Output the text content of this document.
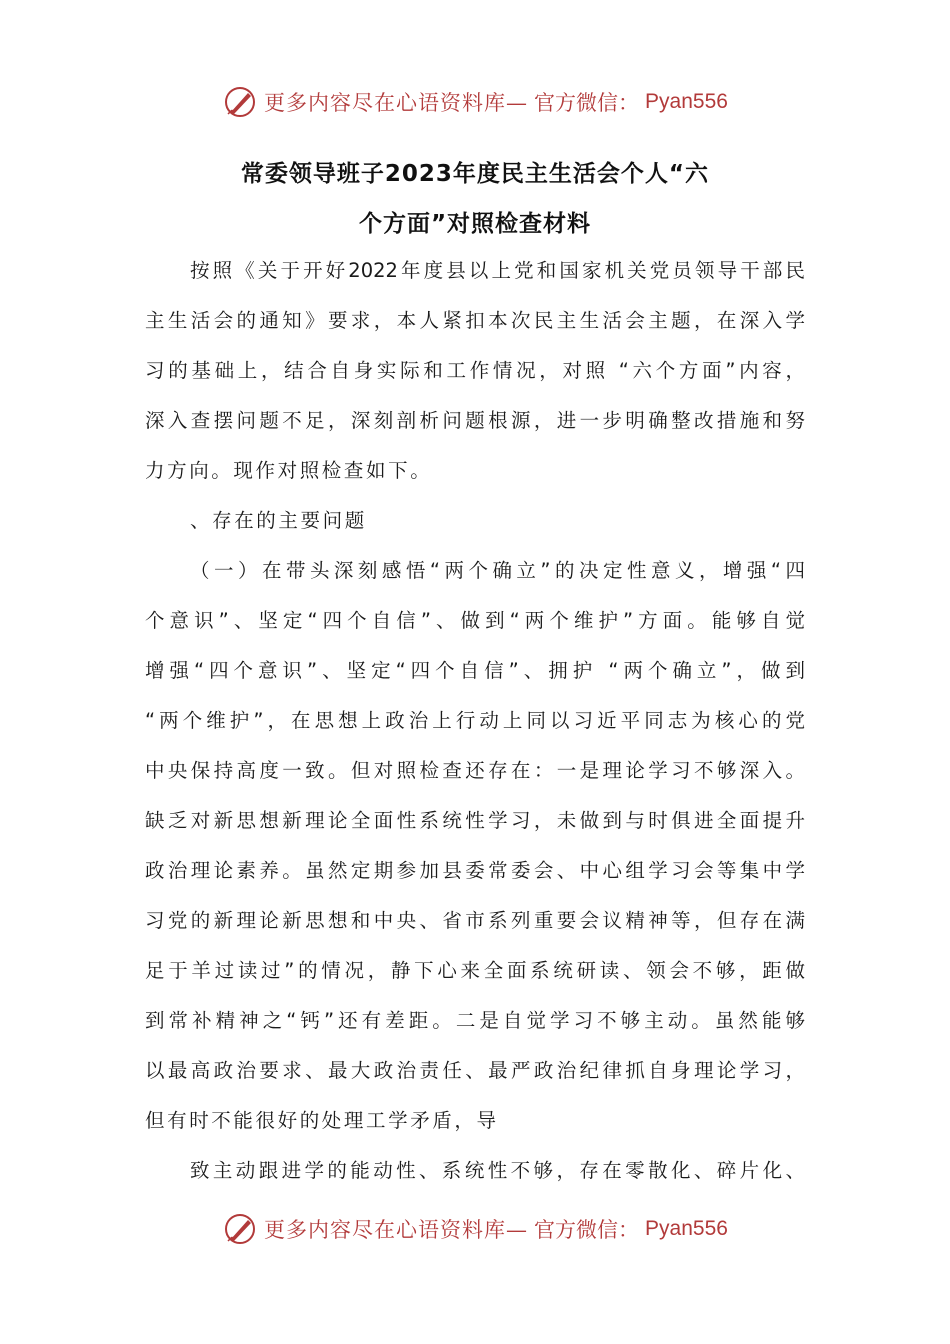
更多内容尽在心语资料库— 官方微信： Pyan556
常委领导班子2023年度民主生活会个人“六
个方面”对照检查材料
按照《关于开好2022年度县以上党和国家机关党员领导干部民
主生活会的通知》要求，本人紧扣本次民主生活会主题，在深入学
习的基础上，结合自身实际和工作情况，对照 “六个方面”内容，
深入查摆问题不足，深刻剖析问题根源，进一步明确整改措施和努
力方向。现作对照检查如下。
、存在的主要问题
（一）在带头深刻感悟“两个确立”的决定性意义，增强“四
个意识”、坚定“四个自信”、做到“两个维护”方面。能够自觉
增强“四个意识”、坚定“四个自信”、拥护 “两个确立”，做到
“两个维护”，在思想上政治上行动上同以习近平同志为核心的党
中央保持高度一致。但对照检查还存在：一是理论学习不够深入。
缺乏对新思想新理论全面性系统性学习，未做到与时俱进全面提升
政治理论素养。虽然定期参加县委常委会、中心组学习会等集中学
习党的新理论新思想和中央、省市系列重要会议精神等，但存在满
足于羊过读过”的情况，静下心来全面系统研读、领会不够，距做
到常补精神之“钙”还有差距。二是自觉学习不够主动。虽然能够
以最高政治要求、最大政治责任、最严政治纪律抓自身理论学习，
但有时不能很好的处理工学矛盾，导
致主动跟进学的能动性、系统性不够，存在零散化、碎片化、
更多内容尽在心语资料库— 官方微信： Pyan556
